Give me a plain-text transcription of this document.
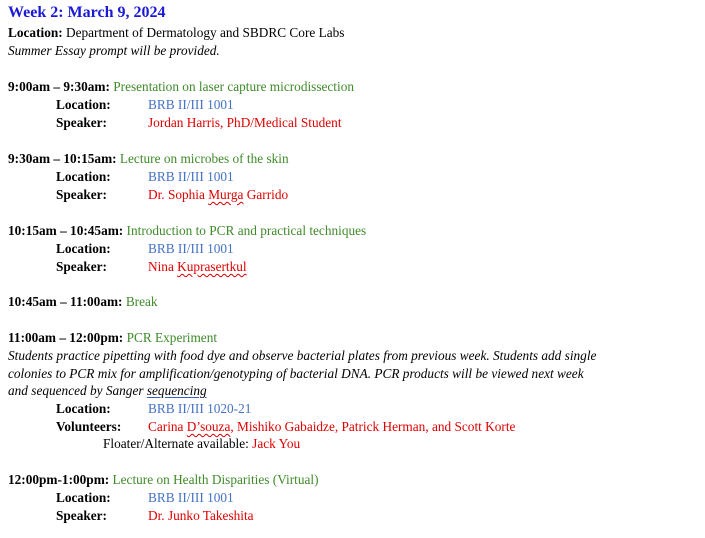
Week 2: March 9, 2024
Location: Department of Dermatology and SBDRC Core Labs
Summer Essay prompt will be provided.
9:00am – 9:30am: Presentation on laser capture microdissection
Location:	BRB II/III 1001
Speaker:	Jordan Harris, PhD/Medical Student
9:30am – 10:15am: Lecture on microbes of the skin
Location:	BRB II/III 1001
Speaker:	Dr. Sophia Murga Garrido
10:15am – 10:45am: Introduction to PCR and practical techniques
Location:	BRB II/III 1001
Speaker:	Nina Kuprasertkul
10:45am – 11:00am: Break
11:00am – 12:00pm: PCR Experiment
Students practice pipetting with food dye and observe bacterial plates from previous week. Students add single
colonies to PCR mix for amplification/genotyping of bacterial DNA. PCR products will be viewed next week
and sequenced by Sanger sequencing
Location:	BRB II/III 1020-21
Volunteers: Carina D’souza, Mishiko Gabaidze, Patrick Herman, and Scott Korte
Floater/Alternate available: Jack You
12:00pm-1:00pm: Lecture on Health Disparities (Virtual)
Location:	BRB II/III 1001
Speaker:	Dr. Junko Takeshita
